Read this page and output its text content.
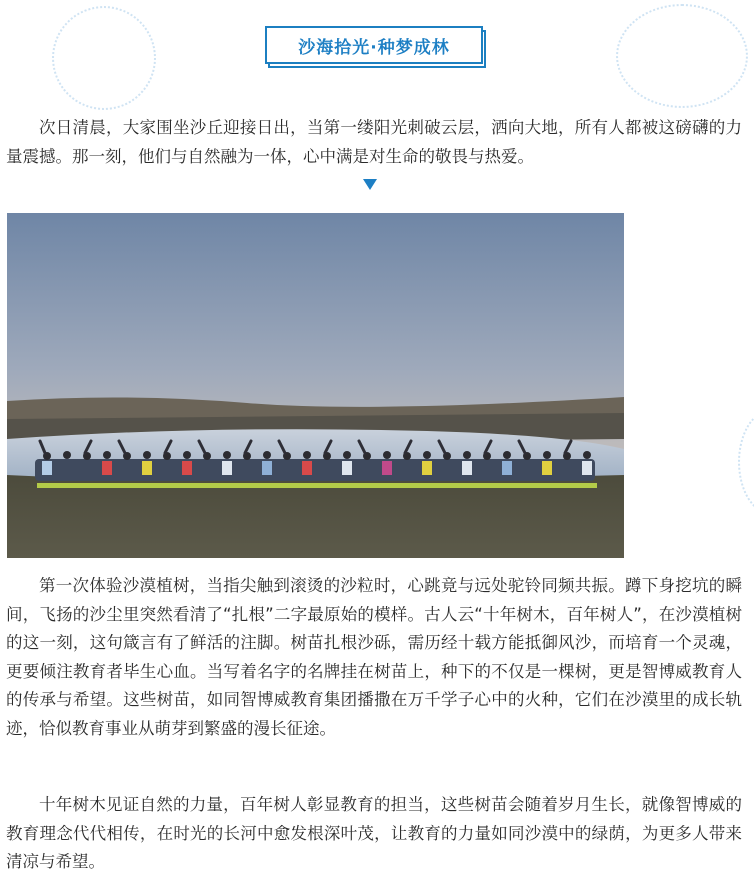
沙海拾光·种梦成林

次日清晨，大家围坐沙丘迎接日出，当第一缕阳光刺破云层，洒向大地，所有人都被这磅礴的力量震撼。那一刻，他们与自然融为一体，心中满是对生命的敬畏与热爱。

第一次体验沙漠植树，当指尖触到滚烫的沙粒时，心跳竟与远处驼铃同频共振。蹲下身挖坑的瞬间，飞扬的沙尘里突然看清了“扎根”二字最原始的模样。古人云“十年树木，百年树人”，在沙漠植树的这一刻，这句箴言有了鲜活的注脚。树苗扎根沙砾，需历经十载方能抵御风沙，而培育一个灵魂，更要倾注教育者毕生心血。当写着名字的名牌挂在树苗上，种下的不仅是一棵树，更是智博威教育人的传承与希望。这些树苗，如同智博威教育集团播撒在万千学子心中的火种，它们在沙漠里的成长轨迹，恰似教育事业从萌芽到繁盛的漫长征途。

十年树木见证自然的力量，百年树人彰显教育的担当，这些树苗会随着岁月生长，就像智博威的教育理念代代相传，在时光的长河中愈发根深叶茂，让教育的力量如同沙漠中的绿荫，为更多人带来清凉与希望。
